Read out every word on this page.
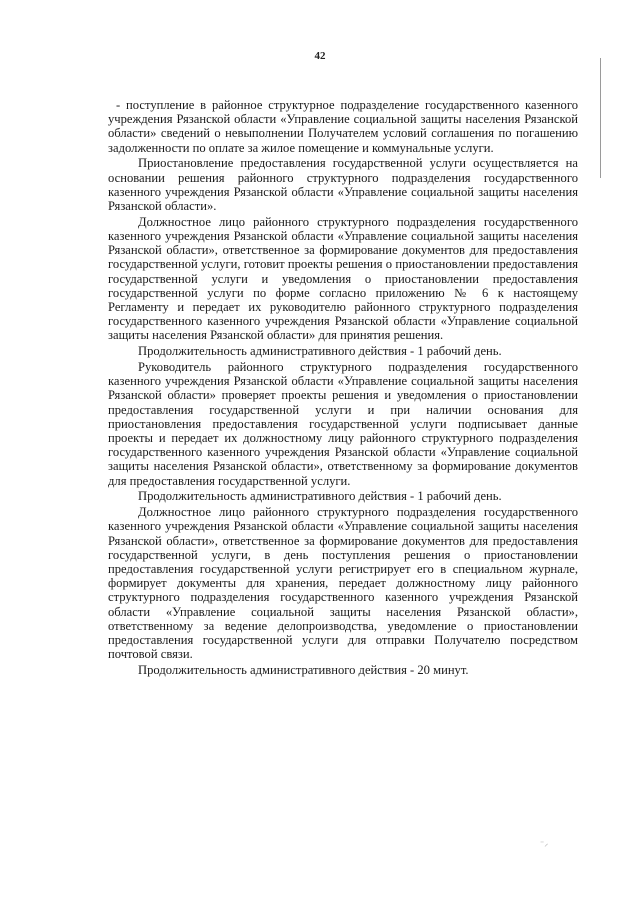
42

- поступление в районное структурное подразделение государственного казенного учреждения Рязанской области «Управление социальной защиты населения Рязанской области» сведений о невыполнении Получателем условий соглашения по погашению задолженности по оплате за жилое помещение и коммунальные услуги.

Приостановление предоставления государственной услуги осуществляется на основании решения районного структурного подразделения государственного казенного учреждения Рязанской области «Управление социальной защиты населения Рязанской области».

Должностное лицо районного структурного подразделения государственного казенного учреждения Рязанской области «Управление социальной защиты населения Рязанской области», ответственное за формирование документов для предоставления государственной услуги, готовит проекты решения о приостановлении предоставления государственной услуги и уведомления о приостановлении предоставления государственной услуги по форме согласно приложению № 6 к настоящему Регламенту и передает их руководителю районного структурного подразделения государственного казенного учреждения Рязанской области «Управление социальной защиты населения Рязанской области» для принятия решения.

Продолжительность административного действия - 1 рабочий день.

Руководитель районного структурного подразделения государственного казенного учреждения Рязанской области «Управление социальной защиты населения Рязанской области» проверяет проекты решения и уведомления о приостановлении предоставления государственной услуги и при наличии основания для приостановления предоставления государственной услуги подписывает данные проекты и передает их должностному лицу районного структурного подразделения государственного казенного учреждения Рязанской области «Управление социальной защиты населения Рязанской области», ответственному за формирование документов для предоставления государственной услуги.

Продолжительность административного действия - 1 рабочий день.

Должностное лицо районного структурного подразделения государственного казенного учреждения Рязанской области «Управление социальной защиты населения Рязанской области», ответственное за формирование документов для предоставления государственной услуги, в день поступления решения о приостановлении предоставления государственной услуги регистрирует его в специальном журнале, формирует документы для хранения, передает должностному лицу районного структурного подразделения государственного казенного учреждения Рязанской области «Управление социальной защиты населения Рязанской области», ответственному за ведение делопроизводства, уведомление о приостановлении предоставления государственной услуги для отправки Получателю посредством почтовой связи.

Продолжительность административного действия - 20 минут.

⁻⸝
